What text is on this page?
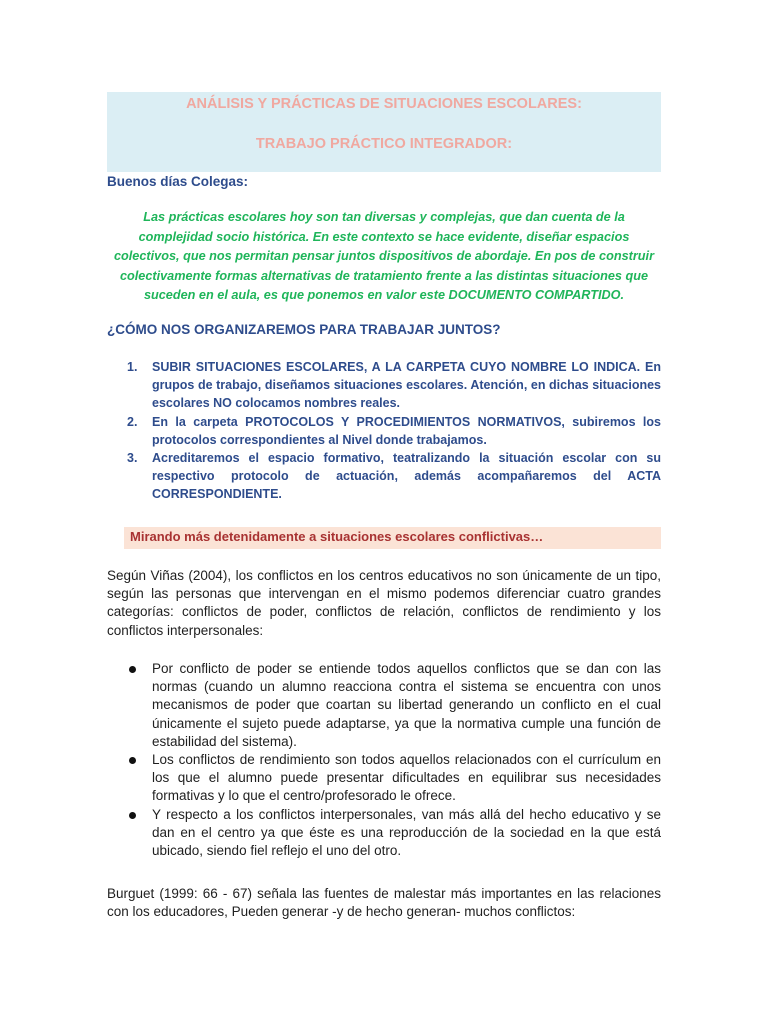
ANÁLISIS Y PRÁCTICAS DE SITUACIONES ESCOLARES:
TRABAJO PRÁCTICO INTEGRADOR:
Buenos días Colegas:
Las prácticas escolares hoy son tan diversas y complejas, que dan cuenta de la complejidad socio histórica. En este contexto se hace evidente, diseñar espacios colectivos, que nos permitan pensar juntos dispositivos de abordaje. En pos de construir colectivamente formas alternativas de tratamiento frente a las distintas situaciones que suceden en el aula, es que ponemos en valor este DOCUMENTO COMPARTIDO.
¿CÓMO NOS ORGANIZAREMOS PARA TRABAJAR JUNTOS?
1. SUBIR SITUACIONES ESCOLARES, A LA CARPETA CUYO NOMBRE LO INDICA. En grupos de trabajo, diseñamos situaciones escolares. Atención, en dichas situaciones escolares NO colocamos nombres reales.
2. En la carpeta PROTOCOLOS Y PROCEDIMIENTOS NORMATIVOS, subiremos los protocolos correspondientes al Nivel donde trabajamos.
3. Acreditaremos el espacio formativo, teatralizando la situación escolar con su respectivo protocolo de actuación, además acompañaremos del ACTA CORRESPONDIENTE.
Mirando más detenidamente a situaciones escolares conflictivas…
Según Viñas (2004), los conflictos en los centros educativos no son únicamente de un tipo, según las personas que intervengan en el mismo podemos diferenciar cuatro grandes categorías: conflictos de poder, conflictos de relación, conflictos de rendimiento y los conflictos interpersonales:
Por conflicto de poder se entiende todos aquellos conflictos que se dan con las normas (cuando un alumno reacciona contra el sistema se encuentra con unos mecanismos de poder que coartan su libertad generando un conflicto en el cual únicamente el sujeto puede adaptarse, ya que la normativa cumple una función de estabilidad del sistema).
Los conflictos de rendimiento son todos aquellos relacionados con el currículum en los que el alumno puede presentar dificultades en equilibrar sus necesidades formativas y lo que el centro/profesorado le ofrece.
Y respecto a los conflictos interpersonales, van más allá del hecho educativo y se dan en el centro ya que éste es una reproducción de la sociedad en la que está ubicado, siendo fiel reflejo el uno del otro.
Burguet (1999: 66 - 67) señala las fuentes de malestar más importantes en las relaciones con los educadores, Pueden generar -y de hecho generan- muchos conflictos:
